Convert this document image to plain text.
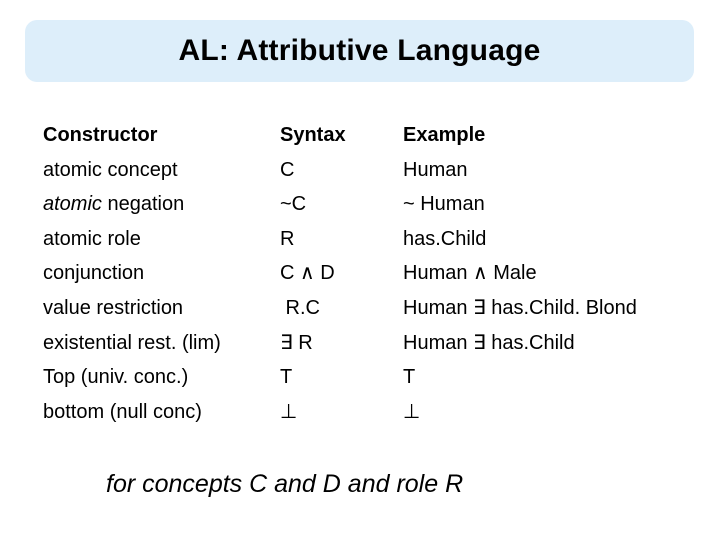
AL: Attributive Language
Constructor
atomic concept
atomic negation
atomic role
conjunction
value restriction
existential rest. (lim)
Top (univ. conc.)
bottom (null conc)
Syntax
C
~C
R
C ∧ D
R.C
∃ R
T
⊥
Example
Human
~ Human
has.Child
Human ∧ Male
Human ∃ has.Child. Blond
Human ∃ has.Child
T
⊥
for concepts C and D and role R
